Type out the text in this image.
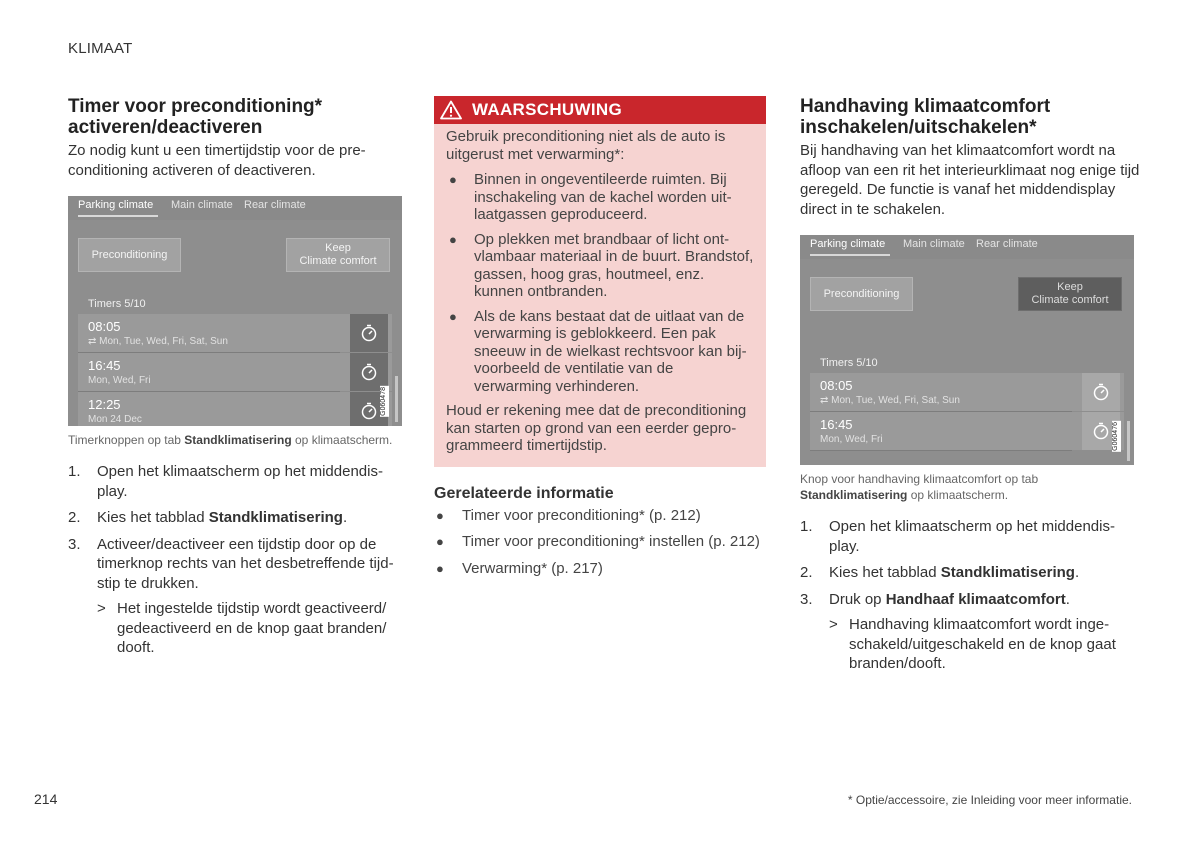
KLIMAAT
Timer voor preconditioning* activeren/deactiveren

Zo nodig kunt u een timertijdstip voor de preconditioning activeren of deactiveren.

Parking climate Main climate Rear climate
Preconditioning
Keep
Climate comfort
Timers 5/10
08:05
⇄ Mon, Tue, Wed, Fri, Sat, Sun
16:45
Mon, Wed, Fri
12:25
Mon 24 Dec
G060478
Timerknoppen op tab Standklimatisering op klimaatscherm.
1. Open het klimaatscherm op het middendisplay.
2. Kies het tabblad Standklimatisering.
3. Activeer/deactiveer een tijdstip door op de timerknop rechts van het desbetreffende tijdstip te drukken.
> Het ingestelde tijdstip wordt geactiveerd/ gedeactiveerd en de knop gaat branden/ dooft.
WAARSCHUWING

Gebruik preconditioning niet als de auto is uitgerust met verwarming*:

● Binnen in ongeventileerde ruimten. Bij inschakeling van de kachel worden uitlaatgassen geproduceerd.
● Op plekken met brandbaar of licht ontvlambaar materiaal in de buurt. Brandstof, gassen, hoog gras, houtmeel, enz. kunnen ontbranden.
● Als de kans bestaat dat de uitlaat van de verwarming is geblokkeerd. Een pak sneeuw in de wielkast rechtsvoor kan bijvoorbeeld de ventilatie van de verwarming verhinderen.

Houd er rekening mee dat de preconditioning kan starten op grond van een eerder geprogrammeerd timertijdstip.

Gerelateerde informatie
● Timer voor preconditioning* (p. 212)
● Timer voor preconditioning* instellen (p. 212)
● Verwarming* (p. 217)
Handhaving klimaatcomfort inschakelen/uitschakelen*

Bij handhaving van het klimaatcomfort wordt na afloop van een rit het interieurklimaat nog enige tijd geregeld. De functie is vanaf het middendisplay direct in te schakelen.

Parking climate Main climate Rear climate
Preconditioning
Keep
Climate comfort
Timers 5/10
08:05
⇄ Mon, Tue, Wed, Fri, Sat, Sun
16:45
Mon, Wed, Fri	G060476
Knop voor handhaving klimaatcomfort op tab Standklimatisering op klimaatscherm.
1. Open het klimaatscherm op het middendisplay.
2. Kies het tabblad Standklimatisering.
3. Druk op Handhaaf klimaatcomfort.
> Handhaving klimaatcomfort wordt ingeschakeld/uitgeschakeld en de knop gaat branden/dooft.
214	* Optie/accessoire, zie Inleiding voor meer informatie.
